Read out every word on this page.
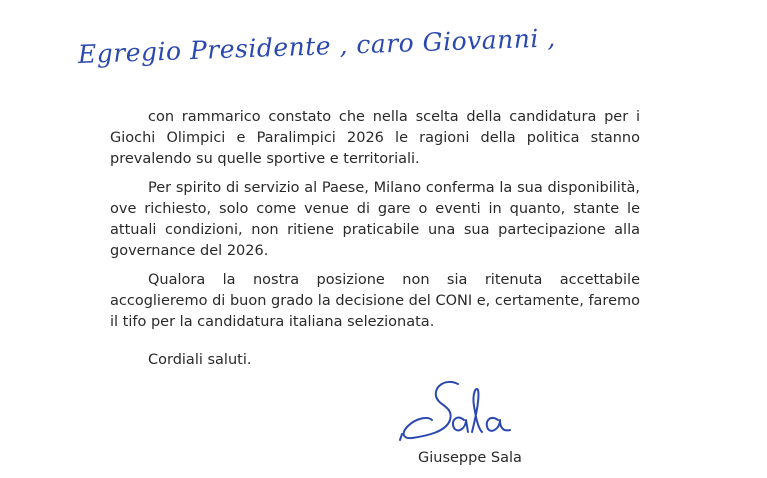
Egregio Presidente , caro Giovanni ,

con rammarico constato che nella scelta della candidatura per i Giochi Olimpici e Paralimpici 2026 le ragioni della politica stanno prevalendo su quelle sportive e territoriali.

Per spirito di servizio al Paese, Milano conferma la sua disponibilità, ove richiesto, solo come venue di gare o eventi in quanto, stante le attuali condizioni, non ritiene praticabile una sua partecipazione alla governance del 2026.

Qualora la nostra posizione non sia ritenuta accettabile accoglieremo di buon grado la decisione del CONI e, certamente, faremo il tifo per la candidatura italiana selezionata.

Cordiali saluti.

Giuseppe Sala
